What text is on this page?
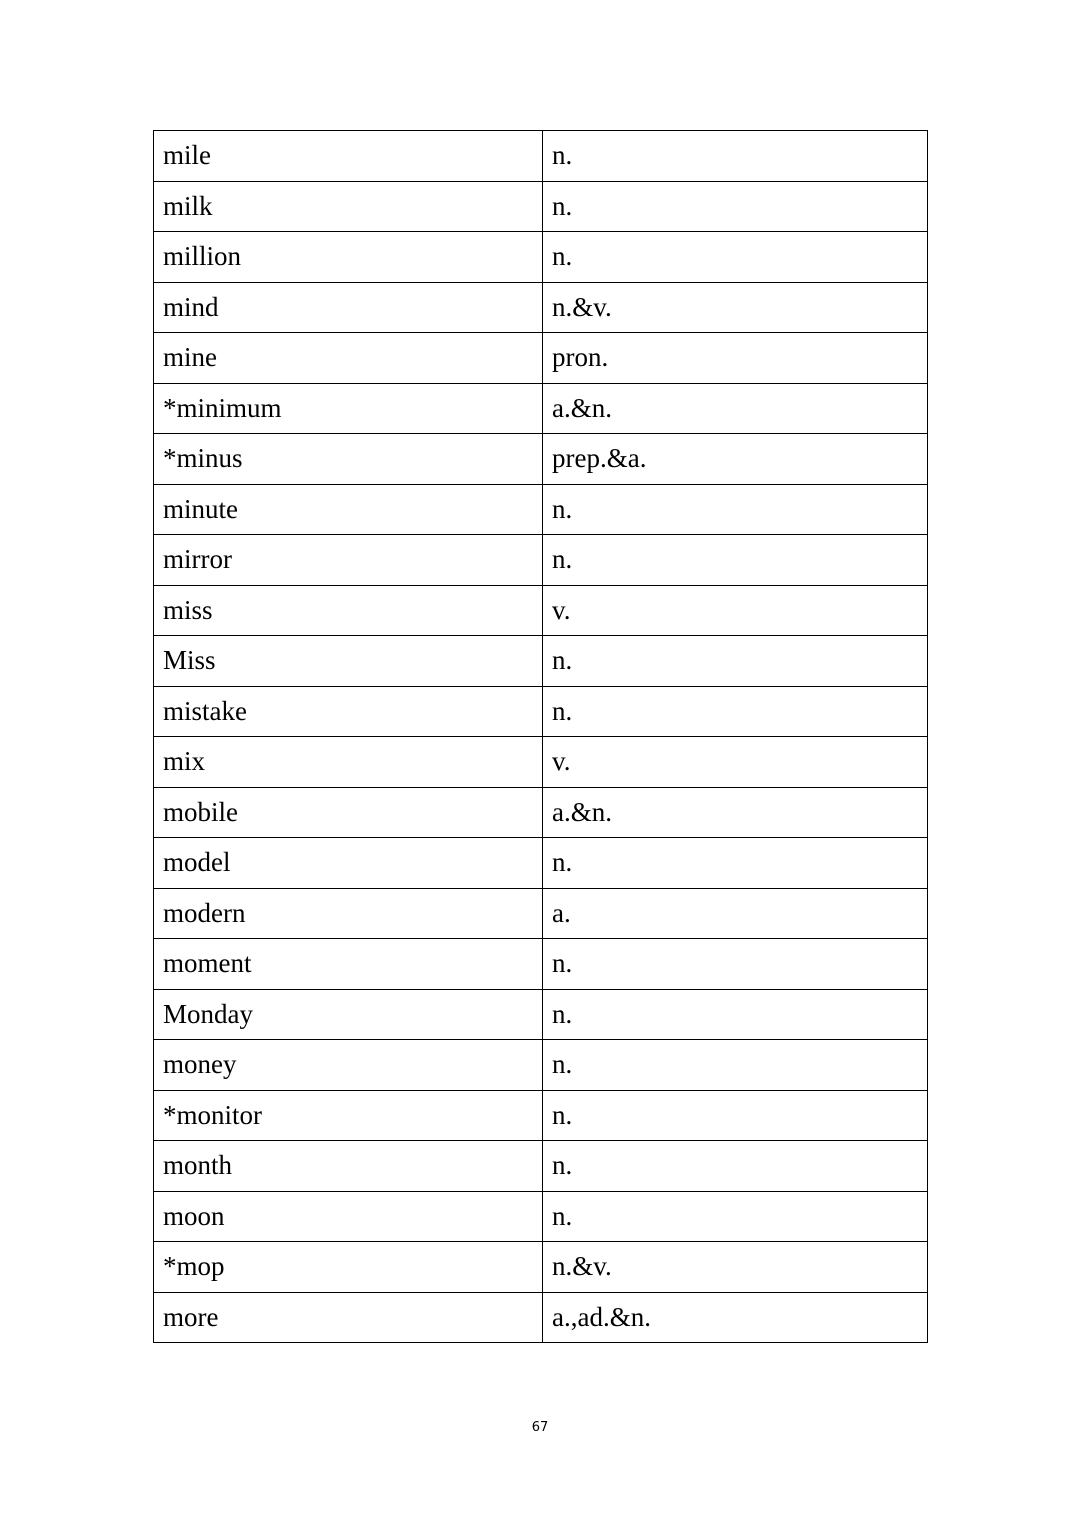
mile	n.
milk	n.
million	n.
mind	n.&v.
mine	pron.
*minimum	a.&n.
*minus	prep.&a.
minute	n.
mirror	n.
miss	v.
Miss	n.
mistake	n.
mix	v.
mobile	a.&n.
model	n.
modern	a.
moment	n.
Monday	n.
money	n.
*monitor	n.
month	n.
moon	n.
*mop	n.&v.
more	a.,ad.&n.
67
